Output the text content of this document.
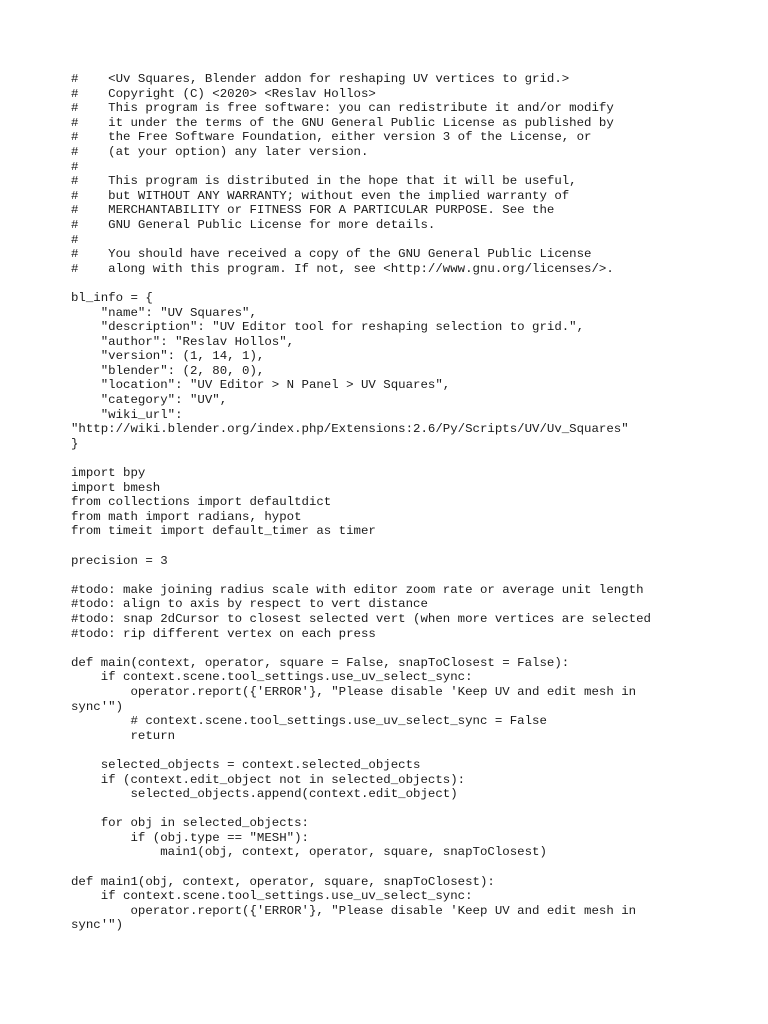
#    <Uv Squares, Blender addon for reshaping UV vertices to grid.>
#    Copyright (C) <2020> <Reslav Hollos>
#    This program is free software: you can redistribute it and/or modify
#    it under the terms of the GNU General Public License as published by
#    the Free Software Foundation, either version 3 of the License, or
#    (at your option) any later version.
#
#    This program is distributed in the hope that it will be useful,
#    but WITHOUT ANY WARRANTY; without even the implied warranty of
#    MERCHANTABILITY or FITNESS FOR A PARTICULAR PURPOSE. See the
#    GNU General Public License for more details.
#
#    You should have received a copy of the GNU General Public License
#    along with this program. If not, see <http://www.gnu.org/licenses/>.
bl_info = {
"name": "UV Squares",
"description": "UV Editor tool for reshaping selection to grid.",
"author": "Reslav Hollos",
"version": (1, 14, 1),
"blender": (2, 80, 0),
"location": "UV Editor > N Panel > UV Squares",
"category": "UV",
"wiki_url":
"http://wiki.blender.org/index.php/Extensions:2.6/Py/Scripts/UV/Uv_Squares"
}
import bpy
import bmesh
from collections import defaultdict
from math import radians, hypot
from timeit import default_timer as timer
precision = 3
#todo: make joining radius scale with editor zoom rate or average unit length
#todo: align to axis by respect to vert distance
#todo: snap 2dCursor to closest selected vert (when more vertices are selected
#todo: rip different vertex on each press
def main(context, operator, square = False, snapToClosest = False):
if context.scene.tool_settings.use_uv_select_sync:
operator.report({'ERROR'}, "Please disable 'Keep UV and edit mesh in
sync'")
# context.scene.tool_settings.use_uv_select_sync = False
return
selected_objects = context.selected_objects
if (context.edit_object not in selected_objects):
selected_objects.append(context.edit_object)
for obj in selected_objects:
if (obj.type == "MESH"):
main1(obj, context, operator, square, snapToClosest)
def main1(obj, context, operator, square, snapToClosest):
if context.scene.tool_settings.use_uv_select_sync:
operator.report({'ERROR'}, "Please disable 'Keep UV and edit mesh in
sync'")
